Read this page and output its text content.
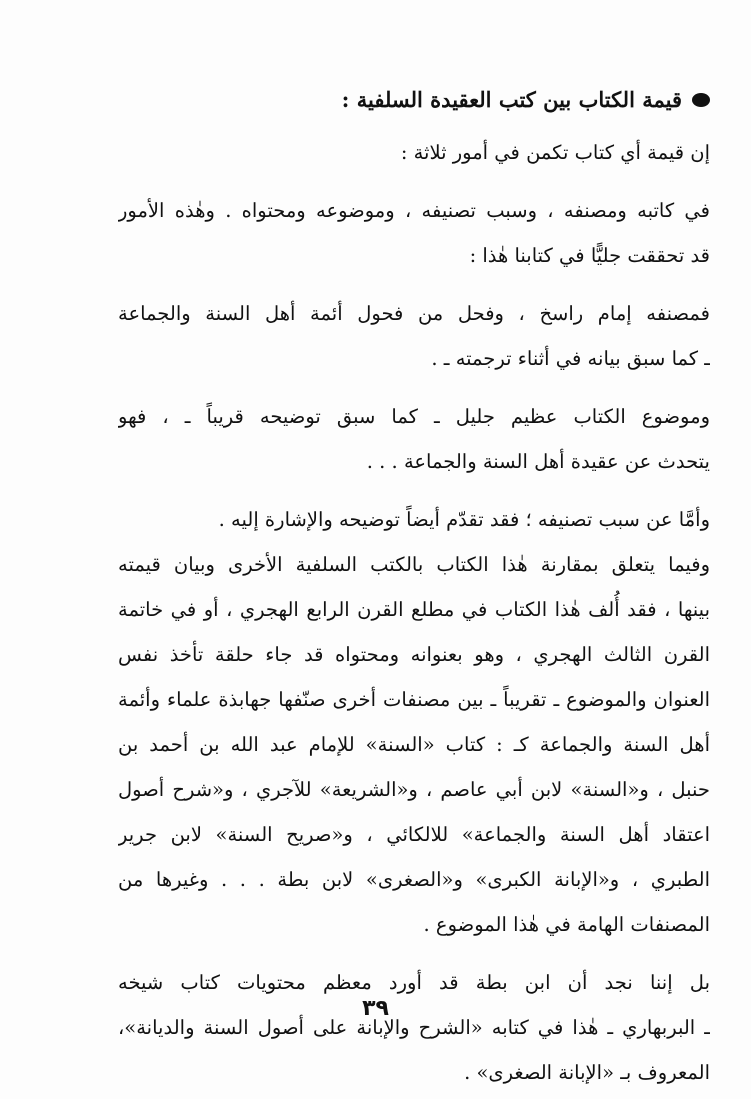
قيمة الكتاب بين كتب العقيدة السلفية :

إن قيمة أي كتاب تكمن في أمور ثلاثة :

في كاتبه ومصنفه ، وسبب تصنيفه ، وموضوعه ومحتواه . وهٰذه الأمور
قد تحققت جليًّا في كتابنا هٰذا :

فمصنفه إمام راسخ ، وفحل من فحول أئمة أهل السنة والجماعة
ـ كما سبق بيانه في أثناء ترجمته ـ .

وموضوع الكتاب عظيم جليل ـ كما سبق توضيحه قريباً ـ ، فهو
يتحدث عن عقيدة أهل السنة والجماعة . . .

وأمَّا عن سبب تصنيفه ؛ فقد تقدّم أيضاً توضيحه والإشارة إليه .

وفيما يتعلق بمقارنة هٰذا الكتاب بالكتب السلفية الأخرى وبيان قيمته
بينها ، فقد أُلف هٰذا الكتاب في مطلع القرن الرابع الهجري ، أو في خاتمة
القرن الثالث الهجري ، وهو بعنوانه ومحتواه قد جاء حلقة تأخذ نفس
العنوان والموضوع ـ تقريباً ـ بين مصنفات أخرى صنّفها جهابذة علماء وأئمة
أهل السنة والجماعة كـ : كتاب «السنة» للإمام عبد الله بن أحمد بن
حنبل ، و«السنة» لابن أبي عاصم ، و«الشريعة» للآجري ، و«شرح أصول
اعتقاد أهل السنة والجماعة» للالكائي ، و«صريح السنة» لابن جرير
الطبري ، و«الإبانة الكبرى» و«الصغرى» لابن بطة . . . وغيرها من
المصنفات الهامة في هٰذا الموضوع .

بل إننا نجد أن ابن بطة قد أورد معظم محتويات كتاب شيخه
ـ البربهاري ـ هٰذا في كتابه «الشرح والإبانة على أصول السنة والديانة»،
المعروف بـ «الإبانة الصغرى» .

٣٩
